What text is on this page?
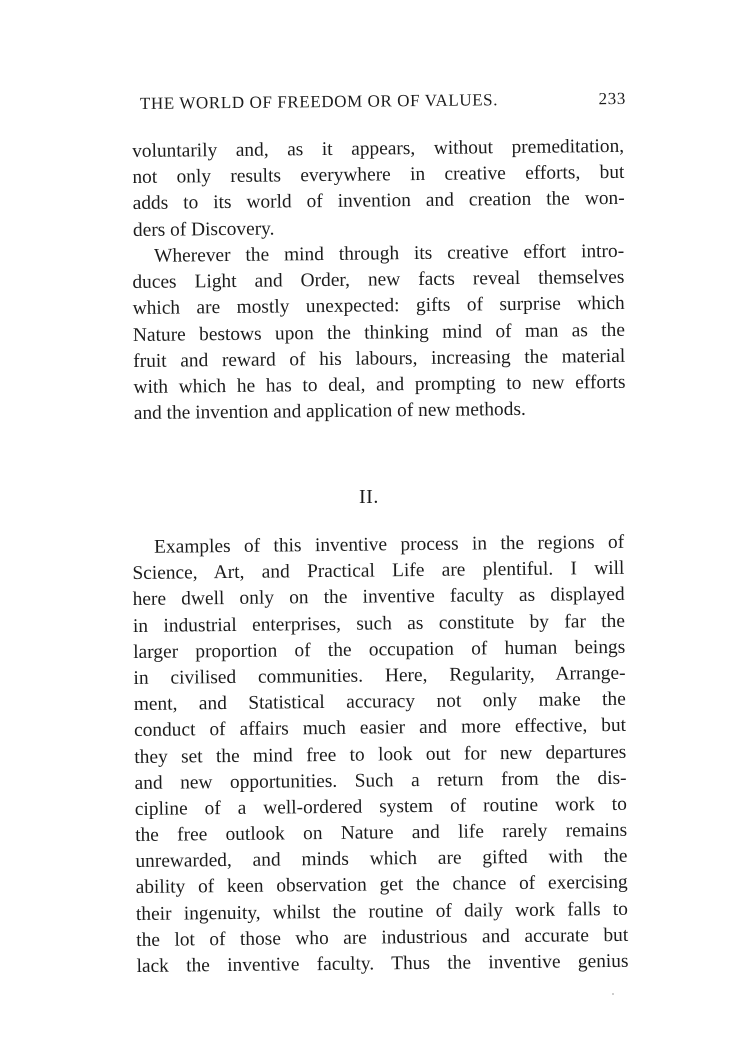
THE WORLD OF FREEDOM OR OF VALUES.	233
voluntarily and, as it appears, without premeditation,
not only results everywhere in creative efforts, but
adds to its world of invention and creation the won-
ders of Discovery.
Wherever the mind through its creative effort intro-
duces Light and Order, new facts reveal themselves
which are mostly unexpected: gifts of surprise which
Nature bestows upon the thinking mind of man as the
fruit and reward of his labours, increasing the material
with which he has to deal, and prompting to new efforts
and the invention and application of new methods.
II.
Examples of this inventive process in the regions of
Science, Art, and Practical Life are plentiful. I will
here dwell only on the inventive faculty as displayed
in industrial enterprises, such as constitute by far the
larger proportion of the occupation of human beings
in civilised communities. Here, Regularity, Arrange-
ment, and Statistical accuracy not only make the
conduct of affairs much easier and more effective, but
they set the mind free to look out for new departures
and new opportunities. Such a return from the dis-
cipline of a well-ordered system of routine work to
the free outlook on Nature and life rarely remains
unrewarded, and minds which are gifted with the
ability of keen observation get the chance of exercising
their ingenuity, whilst the routine of daily work falls to
the lot of those who are industrious and accurate but
lack the inventive faculty. Thus the inventive genius
